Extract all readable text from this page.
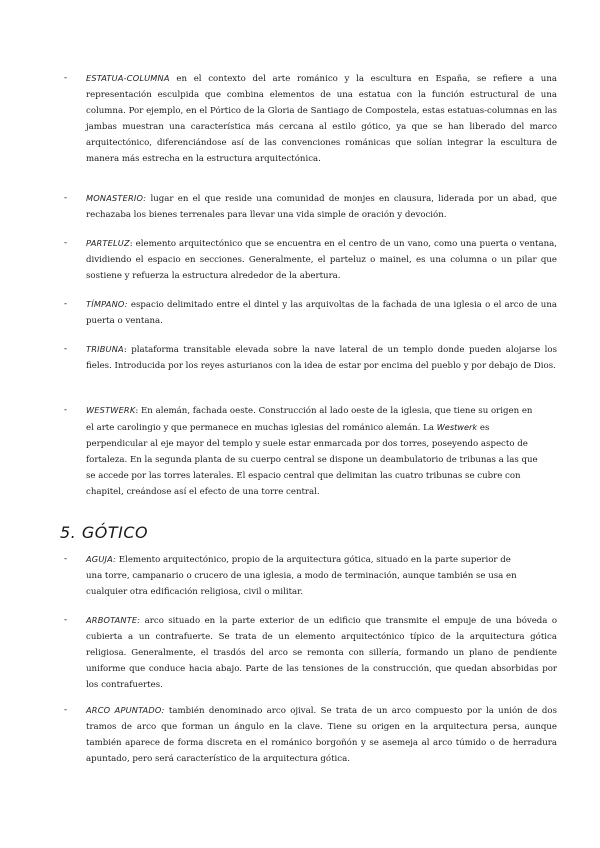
- ESTATUA-COLUMNA en el contexto del arte románico y la escultura en España, se refiere a una representación esculpida que combina elementos de una estatua con la función estructural de una columna. Por ejemplo, en el Pórtico de la Gloria de Santiago de Compostela, estas estatuas-columnas en las jambas muestran una característica más cercana al estilo gótico, ya que se han liberado del marco arquitectónico, diferenciándose así de las convenciones románicas que solían integrar la escultura de manera más estrecha en la estructura arquitectónica.
- MONASTERIO: lugar en el que reside una comunidad de monjes en clausura, liderada por un abad, que rechazaba los bienes terrenales para llevar una vida simple de oración y devoción.
- PARTELUZ: elemento arquitectónico que se encuentra en el centro de un vano, como una puerta o ventana, dividiendo el espacio en secciones. Generalmente, el parteluz o mainel, es una columna o un pilar que sostiene y refuerza la estructura alrededor de la abertura.
- TÍMPANO: espacio delimitado entre el dintel y las arquivoltas de la fachada de una iglesia o el arco de una puerta o ventana.
- TRIBUNA: plataforma transitable elevada sobre la nave lateral de un templo donde pueden alojarse los fieles. Introducida por los reyes asturianos con la idea de estar por encima del pueblo y por debajo de Dios.
- WESTWERK: En alemán, fachada oeste. Construcción al lado oeste de la iglesia, que tiene su origen en el arte carolingio y que permanece en muchas iglesias del románico alemán. La Westwerk es perpendicular al eje mayor del templo y suele estar enmarcada por dos torres, poseyendo aspecto de fortaleza. En la segunda planta de su cuerpo central se dispone un deambulatorio de tribunas a las que se accede por las torres laterales. El espacio central que delimitan las cuatro tribunas se cubre con chapitel, creándose así el efecto de una torre central.
5. GÓTICO
- AGUJA: Elemento arquitectónico, propio de la arquitectura gótica, situado en la parte superior de una torre, campanario o crucero de una iglesia, a modo de terminación, aunque también se usa en cualquier otra edificación religiosa, civil o militar.
- ARBOTANTE: arco situado en la parte exterior de un edificio que transmite el empuje de una bóveda o cubierta a un contrafuerte. Se trata de un elemento arquitectónico típico de la arquitectura gótica religiosa. Generalmente, el trasdós del arco se remonta con sillería, formando un plano de pendiente uniforme que conduce hacia abajo. Parte de las tensiones de la construcción, que quedan absorbidas por los contrafuertes.
- ARCO APUNTADO: también denominado arco ojival. Se trata de un arco compuesto por la unión de dos tramos de arco que forman un ángulo en la clave. Tiene su origen en la arquitectura persa, aunque también aparece de forma discreta en el románico borgoñón y se asemeja al arco túmido o de herradura apuntado, pero será característico de la arquitectura gótica.
